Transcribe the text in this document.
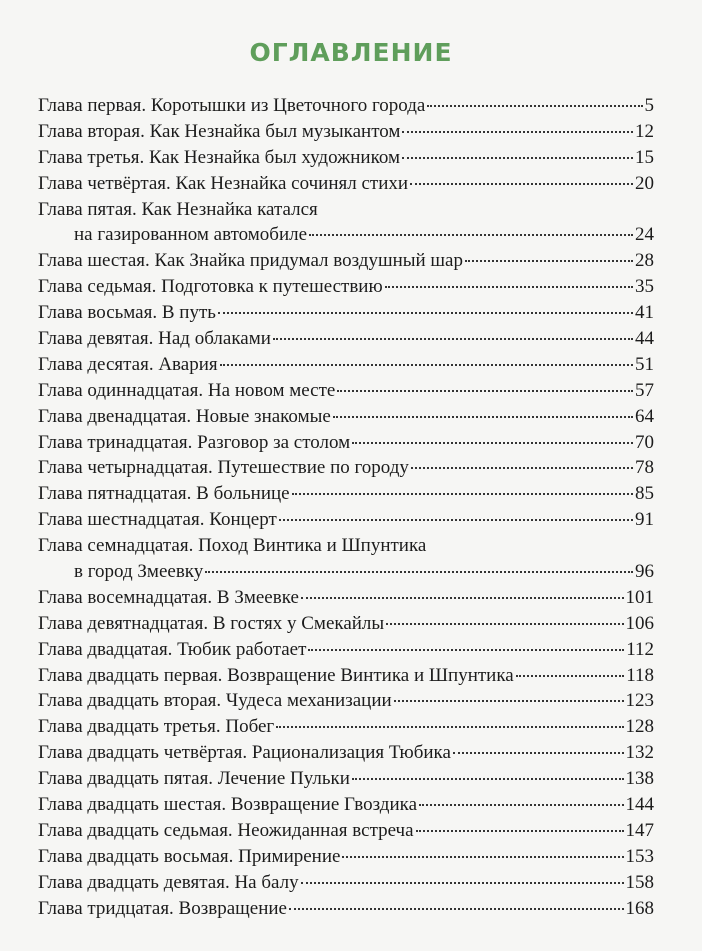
ОГЛАВЛЕНИЕ
Глава первая. Коротышки из Цветочного города	5
Глава вторая. Как Незнайка был музыкантом	12
Глава третья. Как Незнайка был художником	15
Глава четвёртая. Как Незнайка сочинял стихи	20
Глава пятая. Как Незнайка катался
на газированном автомобиле	24
Глава шестая. Как Знайка придумал воздушный шар	28
Глава седьмая. Подготовка к путешествию	35
Глава восьмая. В путь	41
Глава девятая. Над облаками	44
Глава десятая. Авария	51
Глава одиннадцатая. На новом месте	57
Глава двенадцатая. Новые знакомые	64
Глава тринадцатая. Разговор за столом	70
Глава четырнадцатая. Путешествие по городу	78
Глава пятнадцатая. В больнице	85
Глава шестнадцатая. Концерт	91
Глава семнадцатая. Поход Винтика и Шпунтика
в город Змеевку	96
Глава восемнадцатая. В Змеевке	101
Глава девятнадцатая. В гостях у Смекайлы	106
Глава двадцатая. Тюбик работает	112
Глава двадцать первая. Возвращение Винтика и Шпунтика	118
Глава двадцать вторая. Чудеса механизации	123
Глава двадцать третья. Побег	128
Глава двадцать четвёртая. Рационализация Тюбика	132
Глава двадцать пятая. Лечение Пульки	138
Глава двадцать шестая. Возвращение Гвоздика	144
Глава двадцать седьмая. Неожиданная встреча	147
Глава двадцать восьмая. Примирение	153
Глава двадцать девятая. На балу	158
Глава тридцатая. Возвращение	168
